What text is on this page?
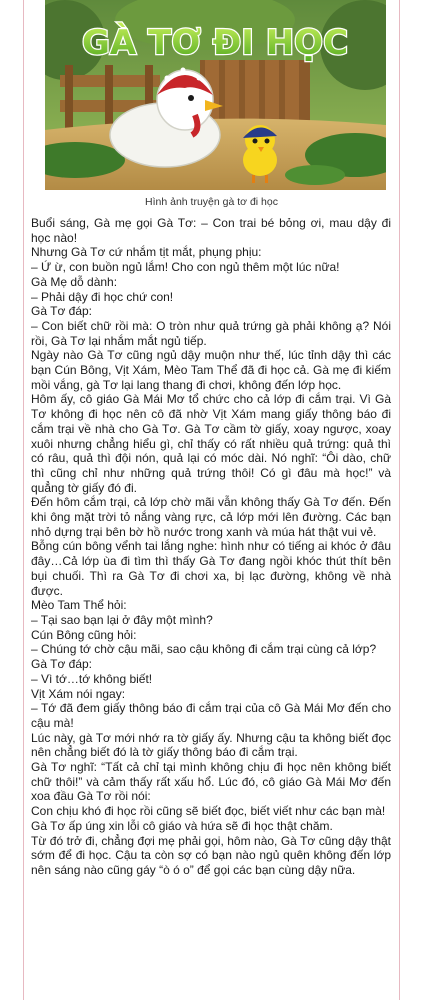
GÀ TƠ ĐI HỌC
Hình ảnh truyện gà tơ đi học

Buổi sáng, Gà mẹ gọi Gà Tơ: – Con trai bé bỏng ơi, mau dậy đi học nào!

Nhưng Gà Tơ cứ nhắm tịt mắt, phụng phịu:

– Ứ ừ, con buồn ngủ lắm! Cho con ngủ thêm một lúc nữa!

Gà Mẹ dỗ dành:

– Phải dậy đi học chứ con!

Gà Tơ đáp:

– Con biết chữ rồi mà: O tròn như quả trứng gà phải không ạ? Nói rồi, Gà Tơ lại nhắm mắt ngủ tiếp.

Ngày nào Gà Tơ cũng ngủ dậy muộn như thế, lúc tỉnh dậy thì các bạn Cún Bông, Vịt Xám, Mèo Tam Thể đã đi học cả. Gà mẹ đi kiếm mồi vắng, gà Tơ lại lang thang đi chơi, không đến lớp học.

Hôm ấy, cô giáo Gà Mái Mơ tổ chức cho cả lớp đi cắm trại. Vì Gà Tơ không đi học nên cô đã nhờ Vịt Xám mang giấy thông báo đi cắm trại về nhà cho Gà Tơ. Gà Tơ cầm tờ giấy, xoay ngược, xoay xuôi nhưng chẳng hiểu gì, chỉ thấy có rất nhiều quả trứng: quả thì có râu, quả thì đội nón, quả lại có móc dài. Nó nghĩ: “Ôi dào, chữ thì cũng chỉ như những quả trứng thôi! Có gì đâu mà học!” và quẳng tờ giấy đó đi.

Đến hôm cắm trại, cả lớp chờ mãi vẫn không thấy Gà Tơ đến. Đến khi ông mặt trời tỏ nắng vàng rực, cả lớp mới lên đường. Các bạn nhỏ dựng trại bên bờ hồ nước trong xanh và múa hát thật vui vẻ.

Bỗng cún bông vểnh tai lắng nghe: hình như có tiếng ai khóc ở đâu đây…Cả lớp ùa đi tìm thì thấy Gà Tơ đang ngồi khóc thút thít bên bụi chuối. Thì ra Gà Tơ đi chơi xa, bị lạc đường, không về nhà được.

Mèo Tam Thể hỏi:

– Tại sao bạn lại ở đây một mình?

Cún Bông cũng hỏi:

– Chúng tớ chờ cậu mãi, sao cậu không đi cắm trại cùng cả lớp?

Gà Tơ đáp:

– Vì tớ…tớ không biết!

Vịt Xám nói ngay:

– Tớ đã đem giấy thông báo đi cắm trại của cô Gà Mái Mơ đến cho cậu mà!

Lúc này, gà Tơ mới nhớ ra tờ giấy ấy. Nhưng cậu ta không biết đọc nên chẳng biết đó là tờ giấy thông báo đi cắm trại.

Gà Tơ nghĩ: “Tất cả chỉ tại mình không chịu đi học nên không biết chữ thôi!” và cảm thấy rất xấu hổ. Lúc đó, cô giáo Gà Mái Mơ đến xoa đầu Gà Tơ rồi nói:

Con chịu khó đi học rồi cũng sẽ biết đọc, biết viết như các bạn mà!

Gà Tơ ấp úng xin lỗi cô giáo và hứa sẽ đi học thật chăm.

Từ đó trở đi, chẳng đợi mẹ phải gọi, hôm nào, Gà Tơ cũng dậy thật sớm để đi học. Cậu ta còn sợ có bạn nào ngủ quên không đến lớp nên sáng nào cũng gáy “ò ó o” để gọi các bạn cùng dậy nữa.
